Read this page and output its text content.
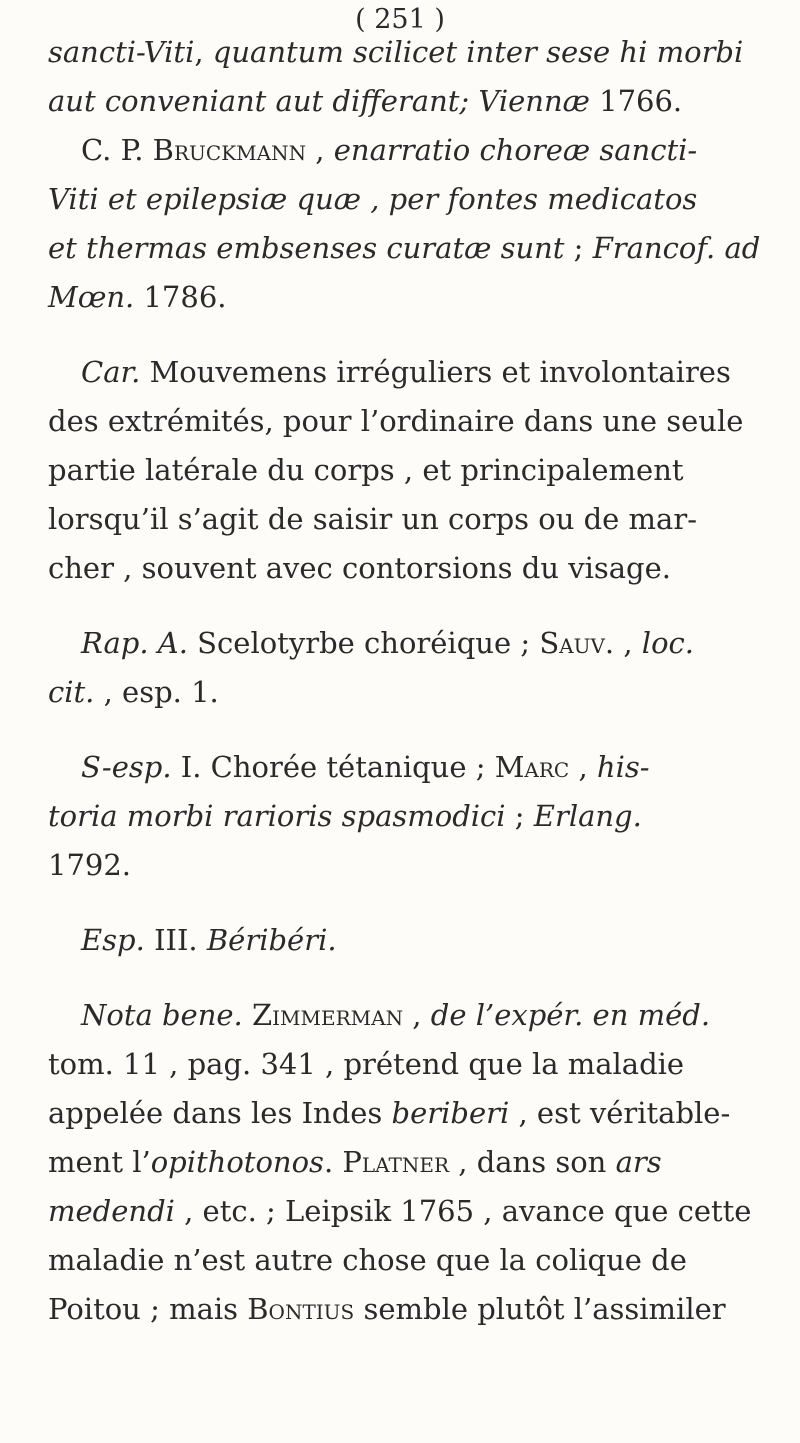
( 251 )
sancti-Viti, quantum scilicet inter sese hi morbi
aut conveniant aut differant; Viennæ 1766.
C. P. Bruckmann , enarratio choreæ sancti-
Viti et epilepsiæ quæ , per fontes medicatos
et thermas embsenses curatæ sunt ; Francof. ad
Mœn. 1786.
Car. Mouvemens irréguliers et involontaires
des extrémités, pour l’ordinaire dans une seule
partie latérale du corps , et principalement
lorsqu’il s’agit de saisir un corps ou de mar-
cher , souvent avec contorsions du visage.
Rap. A. Scelotyrbe choréique ; Sauv. , loc.
cit. , esp. 1.
S-esp. I. Chorée tétanique ; Marc , his-
toria morbi rarioris spasmodici ; Erlang.
1792.
Esp. III. Béribéri.
Nota bene. Zimmerman , de l’expér. en méd.
tom. 11 , pag. 341 , prétend que la maladie
appelée dans les Indes beriberi , est véritable-
ment l’opithotonos. Platner , dans son ars
medendi , etc. ; Leipsik 1765 , avance que cette
maladie n’est autre chose que la colique de
Poitou ; mais Bontius semble plutôt l’assimiler
